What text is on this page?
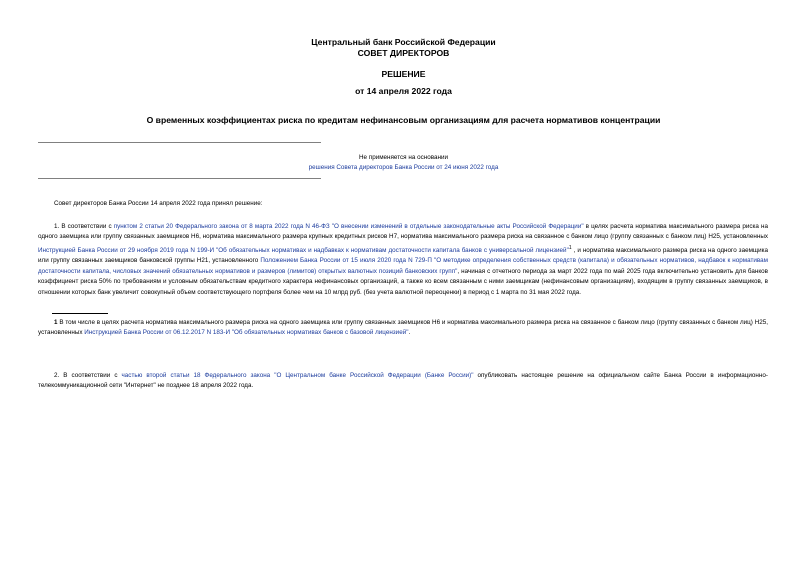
Центральный банк Российской Федерации
СОВЕТ ДИРЕКТОРОВ
РЕШЕНИЕ
от 14 апреля 2022 года
О временных коэффициентах риска по кредитам нефинансовым организациям для расчета нормативов концентрации
Не применяется на основании
решения Совета директоров Банка России от 24 июня 2022 года

Совет директоров Банка России 14 апреля 2022 года принял решение:

1. В соответствии с пунктом 2 статьи 20 Федерального закона от 8 марта 2022 года N 46-ФЗ "О внесении изменений в отдельные законодательные акты Российской Федерации" в целях расчета норматива максимального размера риска на одного заемщика или группу связанных заемщиков Н6, норматива максимального размера крупных кредитных рисков Н7, норматива максимального размера риска на связанное с банком лицо (группу связанных с банком лиц) Н25, установленных Инструкцией Банка России от 29 ноября 2019 года N 199-И "Об обязательных нормативах и надбавках к нормативам достаточности капитала банков с универсальной лицензией"$^1$ , и норматива максимального размера риска на одного заемщика или группу связанных заемщиков банковской группы Н21, установленного Положением Банка России от 15 июля 2020 года N 729-П "О методике определения собственных средств (капитала) и обязательных нормативов, надбавок к нормативам достаточности капитала, числовых значений обязательных нормативов и размеров (лимитов) открытых валютных позиций банковских групп", начиная с отчетного периода за март 2022 года по май 2025 года включительно установить для банков коэффициент риска 50% по требованиям и условным обязательствам кредитного характера нефинансовых организаций, а также ко всем связанным с ними заемщикам (нефинансовым организациям), входящим в группу связанных заемщиков, в отношении которых банк увеличит совокупный объем соответствующего портфеля более чем на 10 млрд руб. (без учета валютной переоценки) в период с 1 марта по 31 мая 2022 года.

1 В том числе в целях расчета норматива максимального размера риска на одного заемщика или группу связанных заемщиков Н6 и норматива максимального размера риска на связанное с банком лицо (группу связанных с банком лиц) Н25, установленных Инструкцией Банка России от 06.12.2017 N 183-И "Об обязательных нормативах банков с базовой лицензией".

2. В соответствии с частью второй статьи 18 Федерального закона "О Центральном банке Российской Федерации (Банке России)" опубликовать настоящее решение на официальном сайте Банка России в информационно-телекоммуникационной сети "Интернет" не позднее 18 апреля 2022 года.
